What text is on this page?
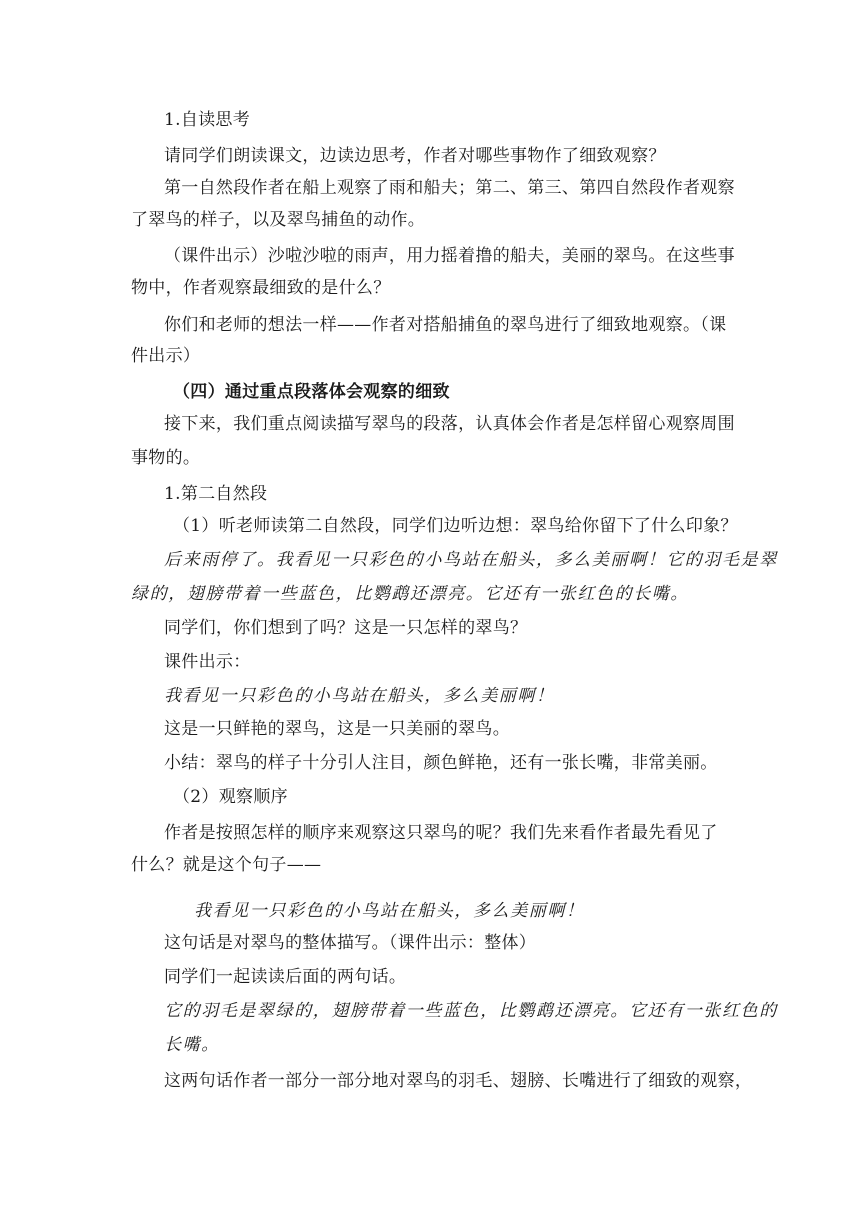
1.自读思考
请同学们朗读课文，边读边思考，作者对哪些事物作了细致观察？
第一自然段作者在船上观察了雨和船夫；第二、第三、第四自然段作者观察
了翠鸟的样子，以及翠鸟捕鱼的动作。
（课件出示）沙啦沙啦的雨声，用力摇着撸的船夫，美丽的翠鸟。在这些事
物中，作者观察最细致的是什么？
你们和老师的想法一样——作者对搭船捕鱼的翠鸟进行了细致地观察。（课
件出示）
（四）通过重点段落体会观察的细致
接下来，我们重点阅读描写翠鸟的段落，认真体会作者是怎样留心观察周围
事物的。
1.第二自然段
（1）听老师读第二自然段，同学们边听边想：翠鸟给你留下了什么印象？
后来雨停了。我看见一只彩色的小鸟站在船头，多么美丽啊！它的羽毛是翠
绿的，翅膀带着一些蓝色，比鹦鹉还漂亮。它还有一张红色的长嘴。
同学们，你们想到了吗？这是一只怎样的翠鸟？
课件出示：
我看见一只彩色的小鸟站在船头，多么美丽啊！
这是一只鲜艳的翠鸟，这是一只美丽的翠鸟。
小结：翠鸟的样子十分引人注目，颜色鲜艳，还有一张长嘴，非常美丽。
（2）观察顺序
作者是按照怎样的顺序来观察这只翠鸟的呢？我们先来看作者最先看见了
什么？就是这个句子——
我看见一只彩色的小鸟站在船头，多么美丽啊！
这句话是对翠鸟的整体描写。（课件出示：整体）
同学们一起读读后面的两句话。
它的羽毛是翠绿的，翅膀带着一些蓝色，比鹦鹉还漂亮。它还有一张红色的
长嘴。
这两句话作者一部分一部分地对翠鸟的羽毛、翅膀、长嘴进行了细致的观察，
